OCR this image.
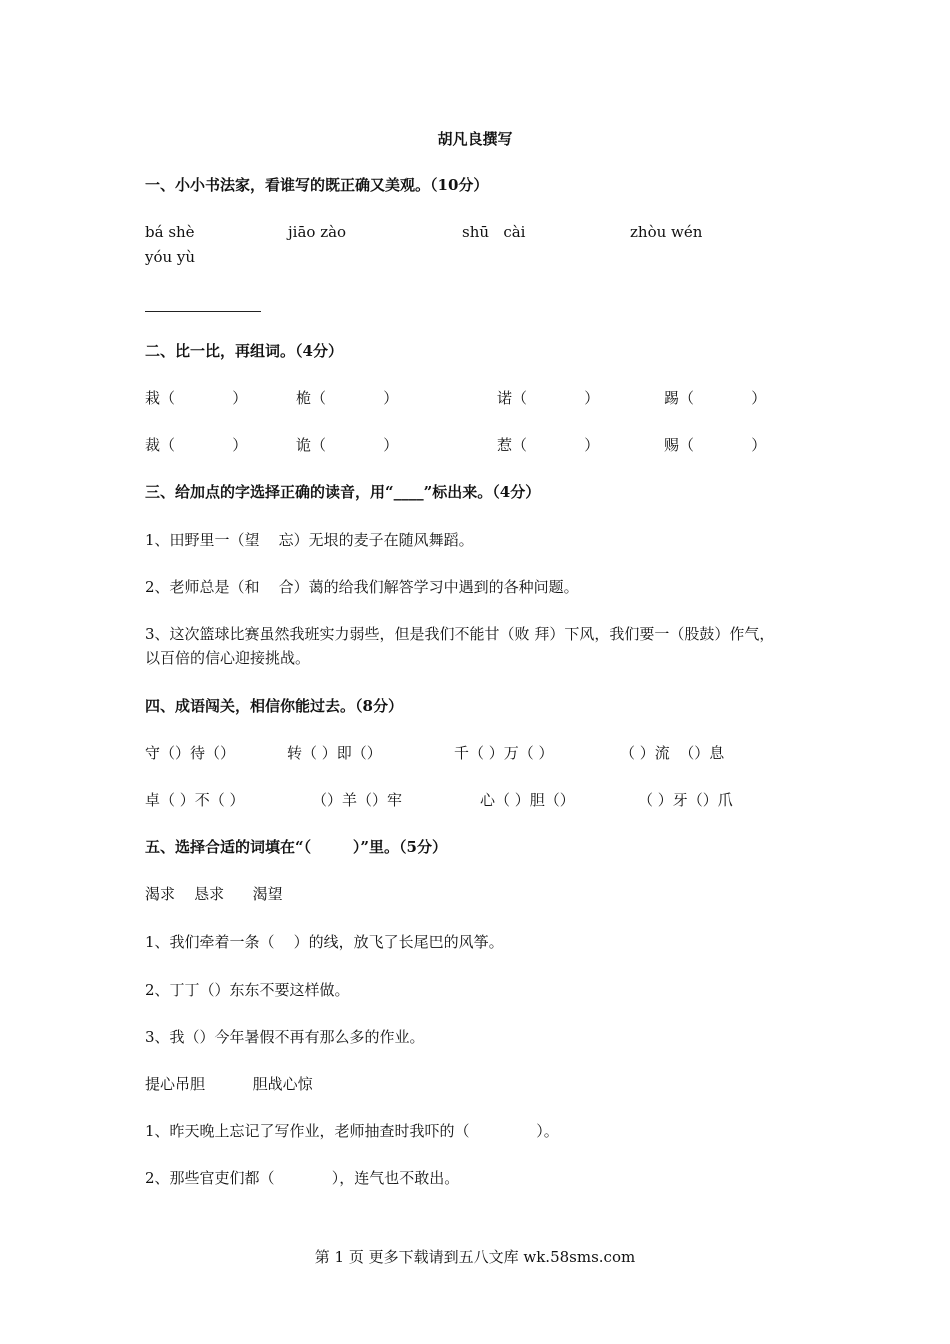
胡凡良撰写
一、小小书法家，看谁写的既正确又美观。（10分）
bá shè	jiāo zào	shū   cài	zhòu wén
yóu yù
二、比一比，再组词。（4分）
栽（            ）	桅（            ）	诺（            ）	踢（            ）
裁（            ）	诡（            ）	惹（            ）	赐（            ）
三、给加点的字选择正确的读音，用“____”标出来。（4分）
1、田野里一（望    忘）无垠的麦子在随风舞蹈。
2、老师总是（和    合）蔼的给我们解答学习中遇到的各种问题。
3、这次篮球比赛虽然我班实力弱些，但是我们不能甘（败 拜）下风，我们要一（股鼓）作气，以百倍的信心迎接挑战。
四、成语闯关，相信你能过去。（8分）
守（）待（）	转（ ）即（）	千（ ）万（ ）	（ ）流  （）息
卓（ ）不（ ）	（）羊（）牢	心（ ）胆（）	（ ）牙（）爪
五、选择合适的词填在“（        ）”里。（5分）
渴求    恳求      渴望
1、我们牵着一条（    ）的线，放飞了长尾巴的风筝。
2、丁丁（）东东不要这样做。
3、我（）今年暑假不再有那么多的作业。
提心吊胆          胆战心惊
1、昨天晚上忘记了写作业，老师抽查时我吓的（              ）。
2、那些官吏们都（            ），连气也不敢出。
第 1 页 更多下载请到五八文库 wk.58sms.com
